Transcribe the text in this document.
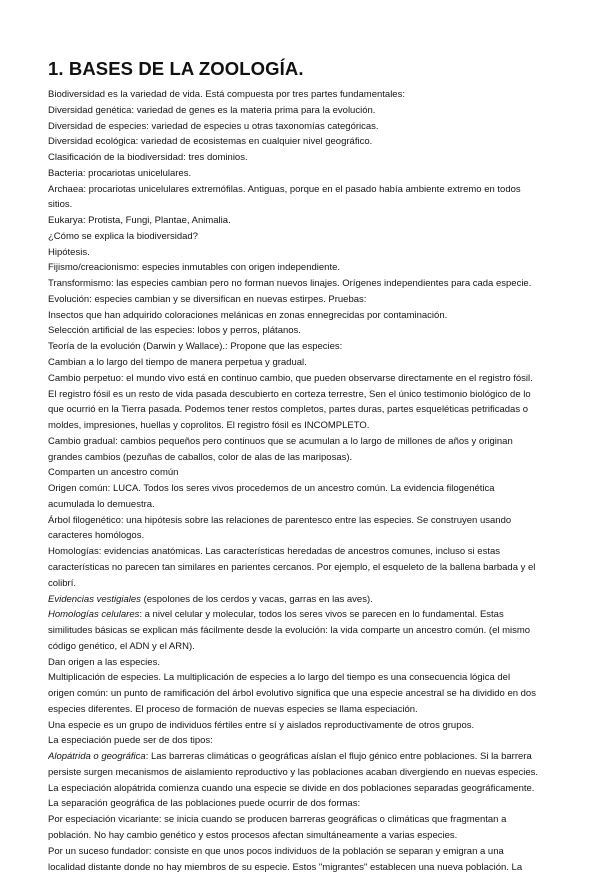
1. BASES DE LA ZOOLOGÍA.
Biodiversidad es la variedad de vida. Está compuesta por tres partes fundamentales:
Diversidad genética: variedad de genes es la materia prima para la evolución.
Diversidad de especies: variedad de especies u otras taxonomías categóricas.
Diversidad ecológica: variedad de ecosistemas en cualquier nivel geográfico.
Clasificación de la biodiversidad: tres dominios.
Bacteria: procariotas unicelulares.
Archaea: procariotas unicelulares extremófilas. Antiguas, porque en el pasado había ambiente extremo en todos
sitios.
Eukarya: Protista, Fungi, Plantae, Animalia.
¿Cómo se explica la biodiversidad?
Hipótesis.
Fijismo/creacionismo: especies inmutables con origen independiente.
Transformismo: las especies cambian pero no forman nuevos linajes. Orígenes independientes para cada especie.
Evolución: especies cambian y se diversifican en nuevas estirpes. Pruebas:
Insectos que han adquirido coloraciones melánicas en zonas ennegrecidas por contaminación.
Selección artificial de las especies: lobos y perros, plátanos.
Teoría de la evolución (Darwin y Wallace).: Propone que las especies:
Cambian a lo largo del tiempo de manera perpetua y gradual.
Cambio perpetuo: el mundo vivo está en continuo cambio, que pueden observarse directamente en el registro fósil.
El registro fósil es un resto de vida pasada descubierto en corteza terrestre, Sen el único testimonio biológico de lo
que ocurrió en la Tierra pasada. Podemos tener restos completos, partes duras, partes esqueléticas petrificadas o
moldes, impresiones, huellas y coprolitos. El registro fósil es INCOMPLETO.
Cambio gradual: cambios pequeños pero continuos que se acumulan a lo largo de millones de años y originan
grandes cambios (pezuñas de caballos, color de alas de las mariposas).
Comparten un ancestro común
Origen común: LUCA. Todos los seres vivos procedemos de un ancestro común. La evidencia filogenética
acumulada lo demuestra.
Árbol filogenético: una hipótesis sobre las relaciones de parentesco entre las especies. Se construyen usando
caracteres homólogos.
Homologías: evidencias anatómicas. Las características heredadas de ancestros comunes, incluso si estas
características no parecen tan similares en parientes cercanos. Por ejemplo, el esqueleto de la ballena barbada y el
colibrí.
Evidencias vestigiales (espolones de los cerdos y vacas, garras en las aves).
Homologías celulares: a nivel celular y molecular, todos los seres vivos se parecen en lo fundamental. Estas
similitudes básicas se explican más fácilmente desde la evolución: la vida comparte un ancestro común. (el mismo
código genético, el ADN y el ARN).
Dan origen a las especies.
Multiplicación de especies. La multiplicación de especies a lo largo del tiempo es una consecuencia lógica del
origen común: un punto de ramificación del árbol evolutivo significa que una especie ancestral se ha dividido en dos
especies diferentes. El proceso de formación de nuevas especies se llama especiación.
Una especie es un grupo de individuos fértiles entre sí y aislados reproductivamente de otros grupos.
La especiación puede ser de dos tipos:
Alopátrida o geográfica: Las barreras climáticas o geográficas aíslan el flujo génico entre poblaciones. Si la barrera
persiste surgen mecanismos de aislamiento reproductivo y las poblaciones acaban divergiendo en nuevas especies.
La especiación alopátrida comienza cuando una especie se divide en dos poblaciones separadas geográficamente.
La separación geográfica de las poblaciones puede ocurrir de dos formas:
Por especiación vicariante: se inicia cuando se producen barreras geográficas o climáticas que fragmentan a
población. No hay cambio genético y estos procesos afectan simultáneamente a varias especies.
Por un suceso fundador: consiste en que unos pocos individuos de la población se separan y emigran a una
localidad distante donde no hay miembros de su especie. Estos "migrantes" establecen una nueva población. La
